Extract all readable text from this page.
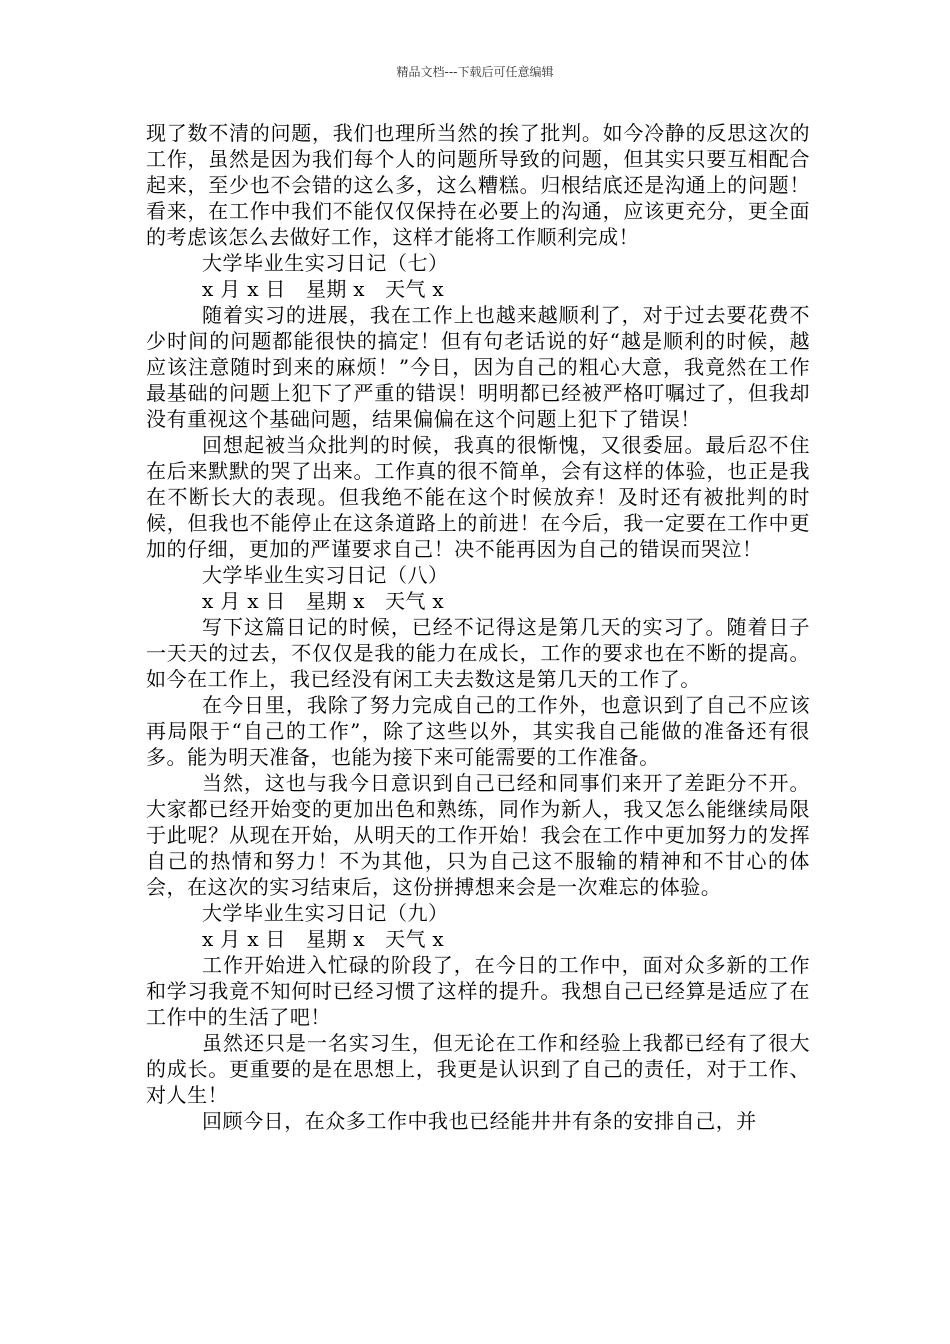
精品文档---下载后可任意编辑

现了数不清的问题，我们也理所当然的挨了批判。如今冷静的反思这次的工作，虽然是因为我们每个人的问题所导致的问题，但其实只要互相配合起来，至少也不会错的这么多，这么糟糕。归根结底还是沟通上的问题！看来，在工作中我们不能仅仅保持在必要上的沟通，应该更充分，更全面的考虑该怎么去做好工作，这样才能将工作顺利完成！

大学毕业生实习日记（七）

x 月 x 日　星期 x　天气 x

随着实习的进展，我在工作上也越来越顺利了，对于过去要花费不少时间的问题都能很快的搞定！但有句老话说的好“越是顺利的时候，越应该注意随时到来的麻烦！”今日，因为自己的粗心大意，我竟然在工作最基础的问题上犯下了严重的错误！明明都已经被严格叮嘱过了，但我却没有重视这个基础问题，结果偏偏在这个问题上犯下了错误！

回想起被当众批判的时候，我真的很惭愧，又很委屈。最后忍不住在后来默默的哭了出来。工作真的很不简单，会有这样的体验，也正是我在不断长大的表现。但我绝不能在这个时候放弃！及时还有被批判的时候，但我也不能停止在这条道路上的前进！在今后，我一定要在工作中更加的仔细，更加的严谨要求自己！决不能再因为自己的错误而哭泣！

大学毕业生实习日记（八）

x 月 x 日　星期 x　天气 x

写下这篇日记的时候，已经不记得这是第几天的实习了。随着日子一天天的过去，不仅仅是我的能力在成长，工作的要求也在不断的提高。如今在工作上，我已经没有闲工夫去数这是第几天的工作了。

在今日里，我除了努力完成自己的工作外，也意识到了自己不应该再局限于“自己的工作”，除了这些以外，其实我自己能做的准备还有很多。能为明天准备，也能为接下来可能需要的工作准备。

当然，这也与我今日意识到自己已经和同事们来开了差距分不开。大家都已经开始变的更加出色和熟练，同作为新人，我又怎么能继续局限于此呢？从现在开始，从明天的工作开始！我会在工作中更加努力的发挥自己的热情和努力！不为其他，只为自己这不服输的精神和不甘心的体会，在这次的实习结束后，这份拼搏想来会是一次难忘的体验。

大学毕业生实习日记（九）

x 月 x 日　星期 x　天气 x

工作开始进入忙碌的阶段了，在今日的工作中，面对众多新的工作和学习我竟不知何时已经习惯了这样的提升。我想自己已经算是适应了在工作中的生活了吧！

虽然还只是一名实习生，但无论在工作和经验上我都已经有了很大的成长。更重要的是在思想上，我更是认识到了自己的责任，对于工作、对人生！

回顾今日，在众多工作中我也已经能井井有条的安排自己，并
